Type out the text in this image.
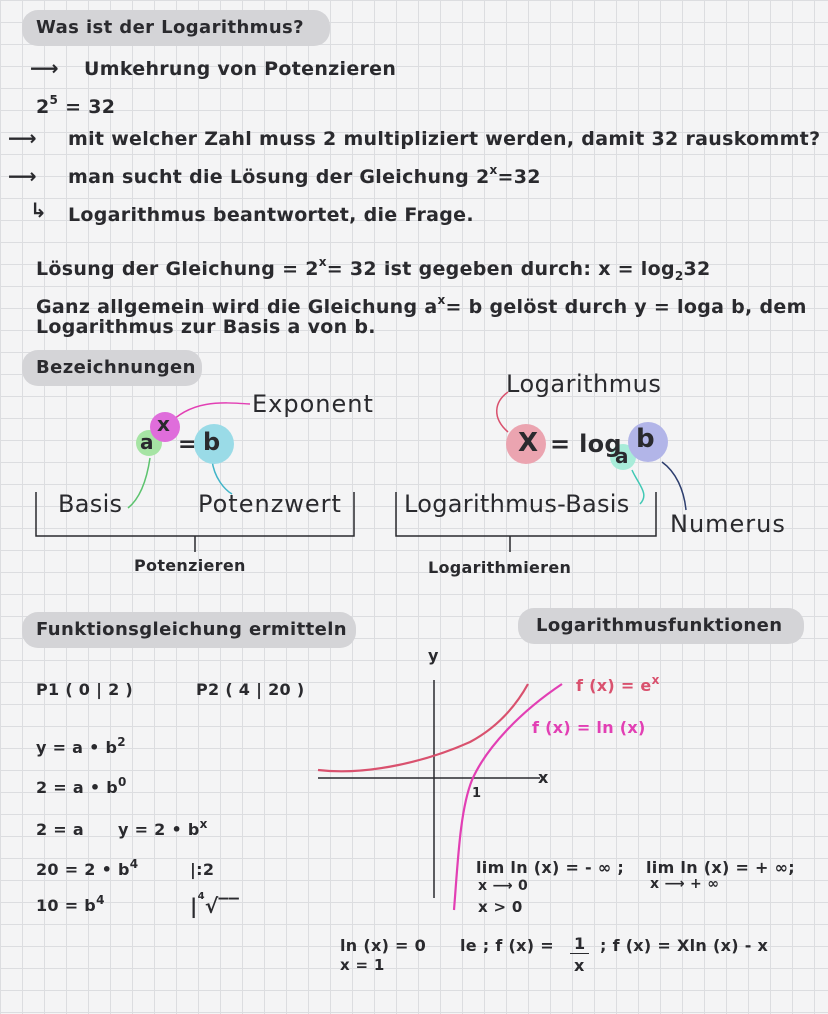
Was ist der Logarithmus?
⟶ Umkehrung von Potenzieren
$2^5 = 32$
⟶ mit welcher Zahl muss 2 multipliziert werden, damit 32 rauskommt?
⟶ man sucht die Lösung der Gleichung $2^x=32$
↳ Logarithmus beantwortet, die Frage.
Lösung der Gleichung = $2^x= 32$ ist gegeben durch: $x = \log_232$
Ganz allgemein wird die Gleichung $a^x= b$ gelöst durch y = loga b, dem
Logarithmus zur Basis a von b.
Bezeichnungen
a
x
= b
Exponent
Basis	Potenzwert
Potenzieren
Logarithmus
X = log
a
b
Logarithmus-Basis
Numerus
Logarithmieren
Funktionsgleichung ermitteln
P1 ( 0 | 2 )	P2 ( 4 | 20 )
y = a • $b^2$
2 = a • $b^0$
2 = a y = 2 • $b^x$
20 = 2 • $b^4$	|:2
$10 = b^4$	$|^4√‾‾$
Logarithmusfunktionen
y
x
1
f $(x) = e^x$
f (x) = ln (x)
lim ln (x) = - ∞ ;
x ⟶ 0
lim ln (x) = + ∞;
x ⟶ + ∞
x > 0
ln (x) = 0
x = 1
le ; f (x) = 1
x
; f (x) = Xln (x) - x
